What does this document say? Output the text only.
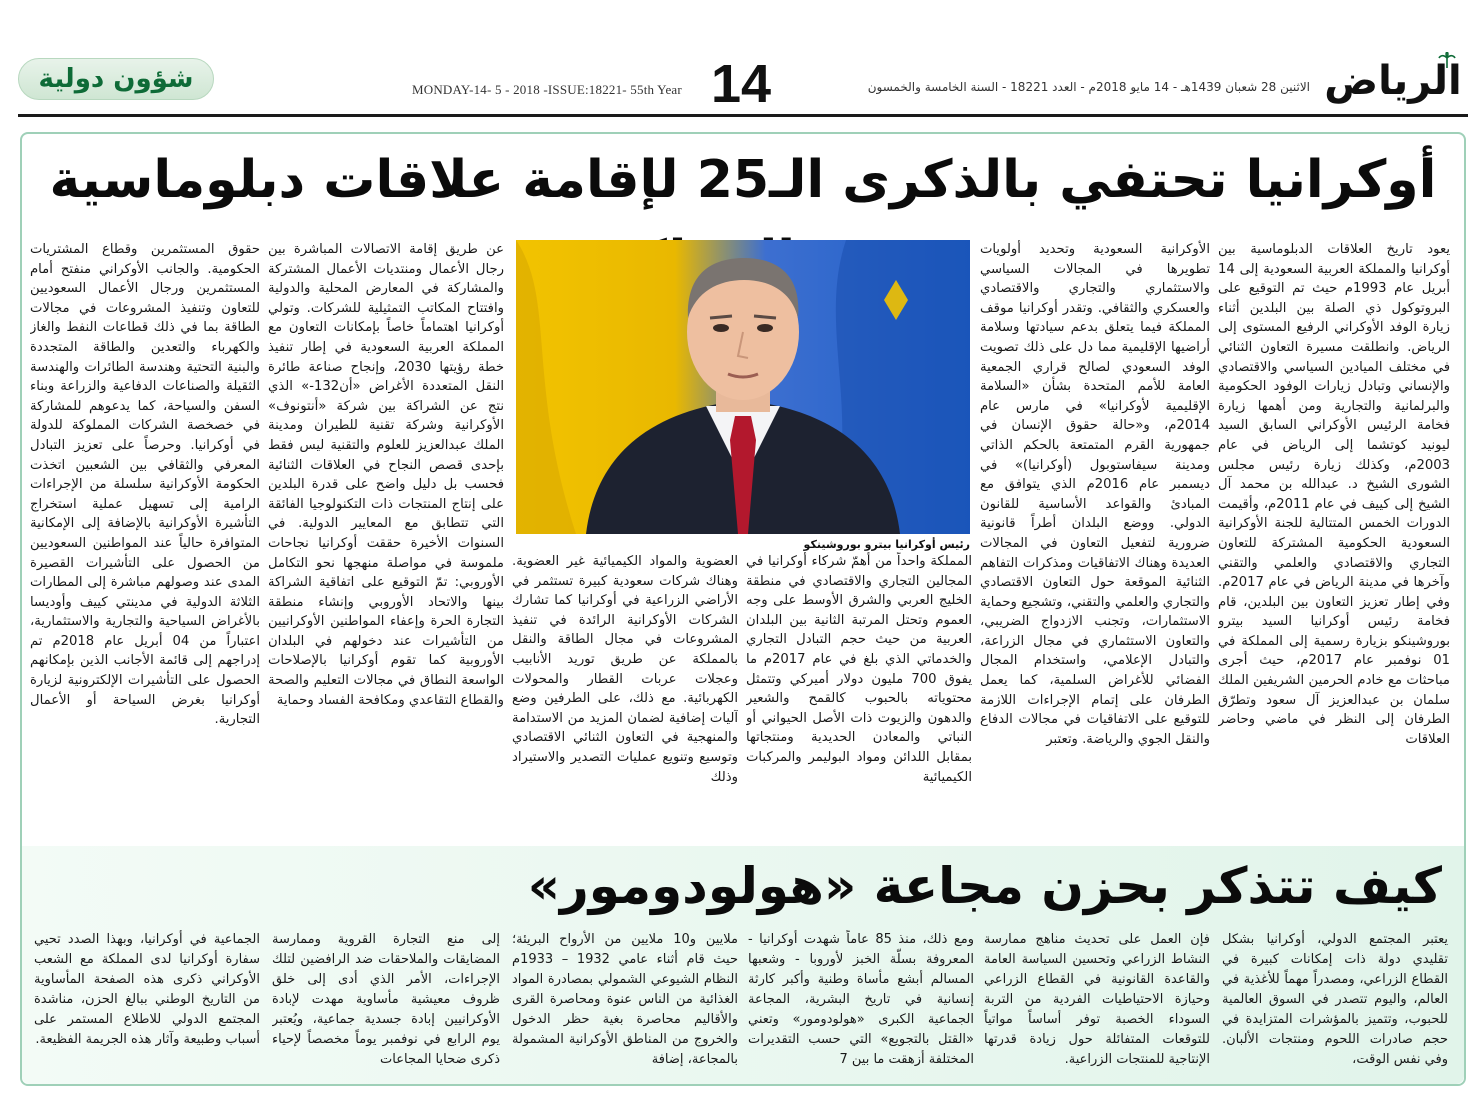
شؤون دولية	MONDAY-14- 5 - 2018 -ISSUE:18221- 55th Year 14	الاثنين 28 شعبان 1439هـ - 14 مايو 2018م - العدد 18221 - السنة الخامسة والخمسون الرياض
أوكرانيا تحتفي بالذكرى الـ25 لإقامة علاقات دبلوماسية
يعود تاريخ العلاقات الدبلوماسية بين أوكرانيا والمملكة العربية السعودية إلى 14 أبريل عام 1993م حيث تم التوقيع على البروتوكول ذي الصلة بين البلدين أثناء زيارة الوفد الأوكراني الرفيع المستوى إلى الرياض. وانطلقت مسيرة التعاون الثنائي في مختلف الميادين السياسي والاقتصادي والإنساني وتبادل زيارات الوفود الحكومية والبرلمانية والتجارية ومن أهمها زيارة فخامة الرئيس الأوكراني السابق السيد ليونيد كوتشما إلى الرياض في عام 2003م، وكذلك زيارة رئيس مجلس الشورى الشيخ د. عبدالله بن محمد آل الشيخ إلى كييف في عام 2011م، وأقيمت الدورات الخمس المتتالية للجنة الأوكرانية السعودية الحكومية المشتركة للتعاون التجاري والاقتصادي والعلمي والتقني وآخرها في مدينة الرياض في عام 2017م. وفي إطار تعزيز التعاون بين البلدين، قام فخامة رئيس أوكرانيا السيد بيترو بوروشينكو بزيارة رسمية إلى المملكة في 01 نوفمبر عام 2017م، حيث أجرى مباحثات مع خادم الحرمين الشريفين الملك سلمان بن عبدالعزيز آل سعود وتطرّق الطرفان إلى النظر في ماضي وحاضر العلاقات
الأوكرانية السعودية وتحديد أولويات تطويرها في المجالات السياسي والاستثماري والتجاري والاقتصادي والعسكري والثقافي. وتقدر أوكرانيا موقف المملكة فيما يتعلق بدعم سيادتها وسلامة أراضيها الإقليمية مما دل على ذلك تصويت الوفد السعودي لصالح قراري الجمعية العامة للأمم المتحدة بشأن «السلامة الإقليمية لأوكرانيا» في مارس عام 2014م، و«حالة حقوق الإنسان في جمهورية القرم المتمتعة بالحكم الذاتي ومدينة سيفاستوبول (أوكرانيا)» في ديسمبر عام 2016م الذي يتوافق مع المبادئ والقواعد الأساسية للقانون الدولي. ووضع البلدان أطراً قانونية ضرورية لتفعيل التعاون في المجالات العديدة وهناك الاتفاقيات ومذكرات التفاهم الثنائية الموقعة حول التعاون الاقتصادي والتجاري والعلمي والتقني، وتشجيع وحماية الاستثمارات، وتجنب الازدواج الضريبي، والتعاون الاستثماري في مجال الزراعة، والتبادل الإعلامي، واستخدام المجال الفضائي للأغراض السلمية، كما يعمل الطرفان على إتمام الإجراءات اللازمة للتوقيع على الاتفاقيات في مجالات الدفاع والنقل الجوي والرياضة. وتعتبر
المملكة واحداً من أهمّ شركاء أوكرانيا في المجالين التجاري والاقتصادي في منطقة الخليج العربي والشرق الأوسط على وجه العموم وتحتل المرتبة الثانية بين البلدان العربية من حيث حجم التبادل التجاري والخدماتي الذي بلغ في عام 2017م ما يفوق 700 مليون دولار أميركي وتتمثل محتوياته بالحبوب كالقمح والشعير والدهون والزيوت ذات الأصل الحيواني أو النباتي والمعادن الحديدية ومنتجاتها بمقابل اللدائن ومواد البوليمر والمركبات الكيميائية
العضوية والمواد الكيميائية غير العضوية. وهناك شركات سعودية كبيرة تستثمر في الأراضي الزراعية في أوكرانيا كما تشارك الشركات الأوكرانية الرائدة في تنفيذ المشروعات في مجال الطاقة والنقل بالمملكة عن طريق توريد الأنابيب وعجلات عربات القطار والمحولات الكهربائية. مع ذلك، على الطرفين وضع آليات إضافية لضمان المزيد من الاستدامة والمنهجية في التعاون الثنائي الاقتصادي وتوسيع وتنويع عمليات التصدير والاستيراد وذلك
عن طريق إقامة الاتصالات المباشرة بين رجال الأعمال ومنتديات الأعمال المشتركة والمشاركة في المعارض المحلية والدولية وافتتاح المكاتب التمثيلية للشركات. وتولي أوكرانيا اهتماماً خاصاً بإمكانات التعاون مع المملكة العربية السعودية في إطار تنفيذ خطة رؤيتها 2030، وإنجاح صناعة طائرة النقل المتعددة الأغراض «أن132-» الذي نتج عن الشراكة بين شركة «أنتونوف» الأوكرانية وشركة تقنية للطيران ومدينة الملك عبدالعزيز للعلوم والتقنية ليس فقط بإحدى قصص النجاح في العلاقات الثنائية فحسب بل دليل واضح على قدرة البلدين على إنتاج المنتجات ذات التكنولوجيا الفائقة التي تتطابق مع المعايير الدولية. في السنوات الأخيرة حققت أوكرانيا نجاحات ملموسة في مواصلة منهجها نحو التكامل الأوروبي: تمّ التوقيع على اتفاقية الشراكة بينها والاتحاد الأوروبي وإنشاء منطقة التجارة الحرة وإعفاء المواطنين الأوكرانيين من التأشيرات عند دخولهم في البلدان الأوروبية كما تقوم أوكرانيا بالإصلاحات الواسعة النطاق في مجالات التعليم والصحة والقطاع التقاعدي ومكافحة الفساد وحماية
حقوق المستثمرين وقطاع المشتريات الحكومية. والجانب الأوكراني منفتح أمام المستثمرين ورجال الأعمال السعوديين للتعاون وتنفيذ المشروعات في مجالات الطاقة بما في ذلك قطاعات النفط والغاز والكهرباء والتعدين والطاقة المتجددة والبنية التحتية وهندسة الطائرات والهندسة الثقيلة والصناعات الدفاعية والزراعة وبناء السفن والسياحة، كما يدعوهم للمشاركة في خصخصة الشركات المملوكة للدولة في أوكرانيا. وحرصاً على تعزيز التبادل المعرفي والثقافي بين الشعبين اتخذت الحكومة الأوكرانية سلسلة من الإجراءات الرامية إلى تسهيل عملية استخراج التأشيرة الأوكرانية بالإضافة إلى الإمكانية المتوافرة حالياً عند المواطنين السعوديين من الحصول على التأشيرات القصيرة المدى عند وصولهم مباشرة إلى المطارات الثلاثة الدولية في مدينتي كييف وأوديسا بالأغراض السياحية والتجارية والاستثمارية، اعتباراً من 04 أبريل عام 2018م تم إدراجهم إلى قائمة الأجانب الذين بإمكانهم الحصول على التأشيرات الإلكترونية لزيارة أوكرانيا بغرض السياحة أو الأعمال التجارية.
رئيس أوكرانيا بيترو بوروشينكو
كيف تتذكر بحزن مجاعة «هولودومور»
يعتبر المجتمع الدولي، أوكرانيا بشكل تقليدي دولة ذات إمكانات كبيرة في القطاع الزراعي، ومصدراً مهماً للأغذية في العالم، واليوم تتصدر في السوق العالمية للحبوب، وتتميز بالمؤشرات المتزايدة في حجم صادرات اللحوم ومنتجات الألبان. وفي نفس الوقت،
فإن العمل على تحديث مناهج ممارسة النشاط الزراعي وتحسين السياسة العامة والقاعدة القانونية في القطاع الزراعي وحيازة الاحتياطيات الفردية من التربة السوداء الخصبة توفر أساساً مواتياً للتوقعات المتفائلة حول زيادة قدرتها الإنتاجية للمنتجات الزراعية.
ومع ذلك، منذ 85 عاماً شهدت أوكرانيا - المعروفة بسلّة الخبز لأوروبا - وشعبها المسالم أبشع مأساة وطنية وأكبر كارثة إنسانية في تاريخ البشرية، المجاعة الجماعية الكبرى «هولودومور» وتعني «القتل بالتجويع» التي حسب التقديرات المختلفة أزهقت ما بين 7
ملايين و10 ملايين من الأرواح البريئة؛ حيث قام أثناء عامي 1932 – 1933م النظام الشيوعي الشمولي بمصادرة المواد الغذائية من الناس عنوة ومحاصرة القرى والأقاليم محاصرة بغية حظر الدخول والخروج من المناطق الأوكرانية المشمولة بالمجاعة، إضافة
إلى منع التجارة القروية وممارسة المضايقات والملاحقات ضد الرافضين لتلك الإجراءات، الأمر الذي أدى إلى خلق ظروف معيشية مأساوية مهدت لإبادة الأوكرانيين إبادة جسدية جماعية، ويُعتبر يوم الرابع في نوفمبر يوماً مخصصاً لإحياء ذكرى ضحايا المجاعات
الجماعية في أوكرانيا، وبهذا الصدد تحيي سفارة أوكرانيا لدى المملكة مع الشعب الأوكراني ذكرى هذه الصفحة المأساوية من التاريخ الوطني ببالغ الحزن، مناشدة المجتمع الدولي للاطلاع المستمر على أسباب وطبيعة وآثار هذه الجريمة الفظيعة.
